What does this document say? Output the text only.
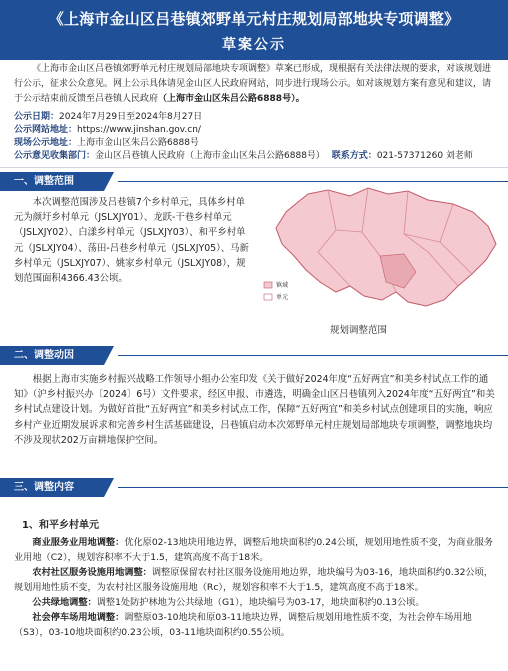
《上海市金山区吕巷镇郊野单元村庄规划局部地块专项调整》
草案公示
《上海市金山区吕巷镇郊野单元村庄规划局部地块专项调整》草案已形成，现根据有关法律法规的要求，对该规划进行公示，征求公众意见。网上公示具体请见金山区人民政府网站，同步进行现场公示。如对该规划方案有意见和建议，请于公示结束前反馈至吕巷镇人民政府（上海市金山区朱吕公路6888号）。
公示日期：2024年7月29日至2024年8月27日
公示网站地址：https://www.jinshan.gov.cn/
现场公示地址：上海市金山区朱吕公路6888号
公示意见收集部门：金山区吕巷镇人民政府（上海市金山区朱吕公路6888号） 联系方式：021-57371260 刘老师
一、调整范围
本次调整范围涉及吕巷镇7个乡村单元，具体乡村单元为颜圩乡村单元（JSLXJY01）、龙跃-干巷乡村单元（JSLXJY02）、白漾乡村单元（JSLXJY03）、和平乡村单元（JSLXJY04）、荡田-吕巷乡村单元（JSLXJY05）、马新乡村单元（JSLXJY07）、姚家乡村单元（JSLXJY08），规划范围面积4366.43公顷。
镇域
单元
规划调整范围
二、调整动因
根据上海市实施乡村振兴战略工作领导小组办公室印发《关于做好2024年度“五好两宜”和美乡村试点工作的通知》（沪乡村振兴办〔2024〕6号）文件要求，经区申报、市遴选，明确金山区吕巷镇列入2024年度“五好两宜”和美乡村试点建设计划。为做好首批“五好两宜”和美乡村试点工作，保障“五好两宜”和美乡村试点创建项目的实施，响应乡村产业近期发展诉求和完善乡村生活基础建设，吕巷镇启动本次郊野单元村庄规划局部地块专项调整，调整地块均不涉及现状202万亩耕地保护空间。
三、调整内容
1、和平乡村单元

商业服务业用地调整：优化原02-13地块用地边界，调整后地块面积约0.24公顷，规划用地性质不变，为商业服务业用地（C2），规划容积率不大于1.5，建筑高度不高于18米。

农村社区服务设施用地调整：调整原保留农村社区服务设施用地边界，地块编号为03-16，地块面积约0.32公顷，规划用地性质不变，为农村社区服务设施用地（Rc），规划容积率不大于1.5，建筑高度不高于18米。

公共绿地调整：调整1处防护林地为公共绿地（G1），地块编号为03-17，地块面积约0.13公顷。

社会停车场用地调整：调整原03-10地块和原03-11地块边界，调整后规划用地性质不变，为社会停车场用地（S3），03-10地块面积约0.23公顷，03-11地块面积约0.55公顷。
